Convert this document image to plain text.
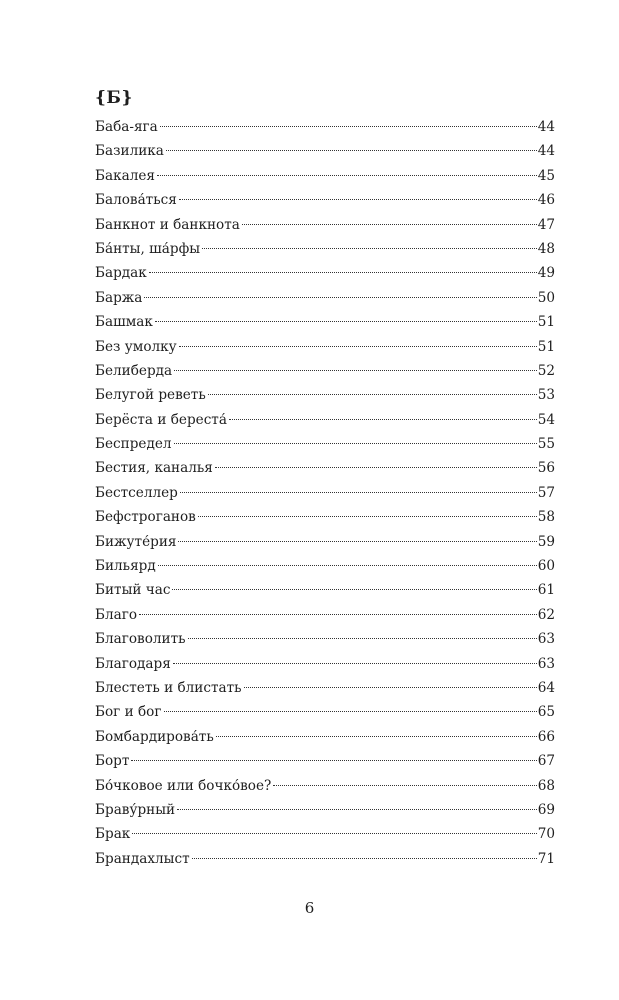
{Б}
Баба-яга	44
Базилика	44
Бакалея	45
Балова́ться	46
Банкнот и банкнота	47
Ба́нты, ша́рфы	48
Бардак	49
Баржа	50
Башмак	51
Без умолку	51
Белиберда	52
Белугой реветь	53
Берёста и береста́	54
Беспредел	55
Бестия, каналья	56
Бестселлер	57
Бефстроганов	58
Бижуте́рия	59
Бильярд	60
Битый час	61
Благо	62
Благоволить	63
Благодаря	63
Блестеть и блистать	64
Бог и бог	65
Бомбардирова́ть	66
Борт	67
Бо́чковое или бочко́вое?	68
Браву́рный	69
Брак	70
Брандахлыст	71
6
